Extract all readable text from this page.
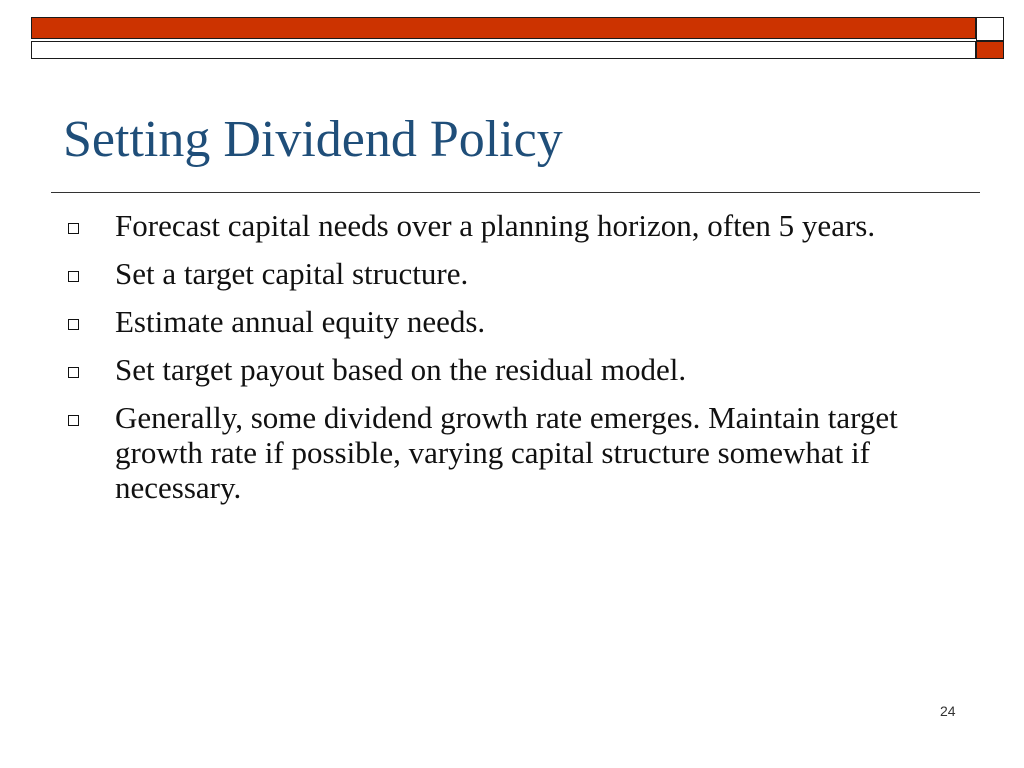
Setting Dividend Policy
Forecast capital needs over a planning horizon, often 5 years.
Set a target capital structure.
Estimate annual equity needs.
Set target payout based on the residual model.
Generally, some dividend growth rate emerges. Maintain target growth rate if possible, varying capital structure somewhat if necessary.
24
